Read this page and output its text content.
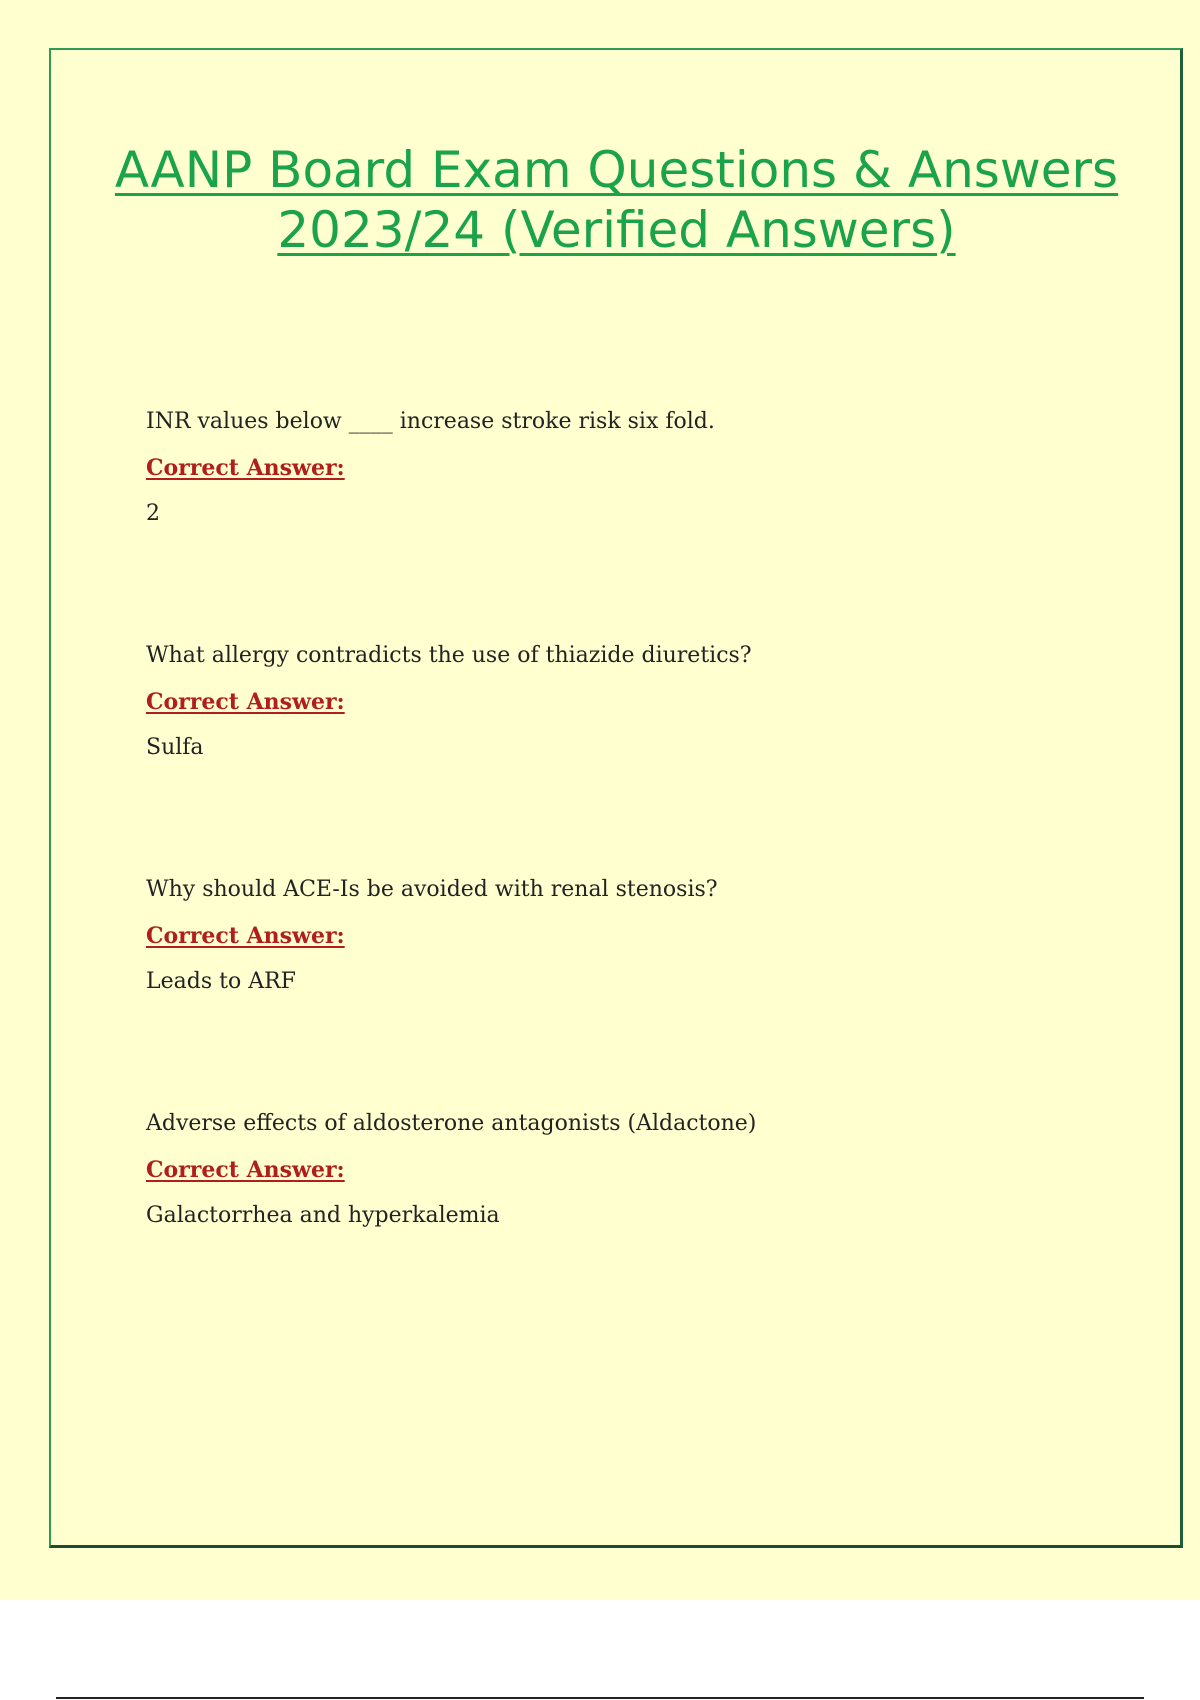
AANP Board Exam Questions & Answers
2023/24 (Verified Answers)

INR values below ____ increase stroke risk six fold.

Correct Answer:

2

What allergy contradicts the use of thiazide diuretics?

Correct Answer:

Sulfa

Why should ACE-Is be avoided with renal stenosis?

Correct Answer:

Leads to ARF

Adverse effects of aldosterone antagonists (Aldactone)

Correct Answer:

Galactorrhea and hyperkalemia
